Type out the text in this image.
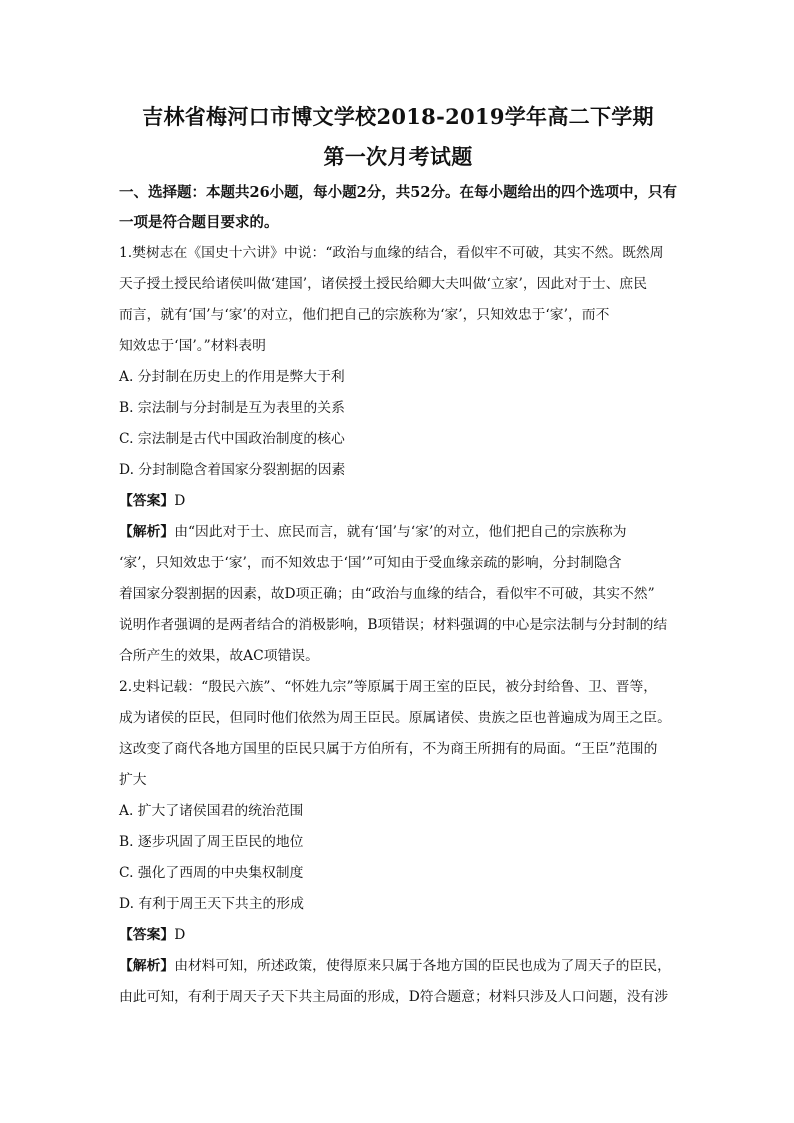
吉林省梅河口市博文学校2018-2019学年高二下学期

第一次月考试题

一、选择题：本题共26小题，每小题2分，共52分。在每小题给出的四个选项中，只有
一项是符合题目要求的。

1.樊树志在《国史十六讲》中说：“政治与血缘的结合，看似牢不可破，其实不然。既然周
天子授土授民给诸侯叫做‘建国’，诸侯授土授民给卿大夫叫做‘立家’，因此对于士、庶民
而言，就有‘国’与‘家’的对立，他们把自己的宗族称为‘家’，只知效忠于‘家’，而不
知效忠于‘国’。”材料表明

A. 分封制在历史上的作用是弊大于利

B. 宗法制与分封制是互为表里的关系

C. 宗法制是古代中国政治制度的核心

D. 分封制隐含着国家分裂割据的因素

【答案】D

【解析】由“因此对于士、庶民而言，就有‘国’与‘家’的对立，他们把自己的宗族称为
‘家’，只知效忠于‘家’，而不知效忠于‘国’”可知由于受血缘亲疏的影响，分封制隐含
着国家分裂割据的因素，故D项正确；由“政治与血缘的结合，看似牢不可破，其实不然”
说明作者强调的是两者结合的消极影响，B项错误；材料强调的中心是宗法制与分封制的结
合所产生的效果，故AC项错误。

2.史料记载：“殷民六族”、“怀姓九宗”等原属于周王室的臣民，被分封给鲁、卫、晋等，
成为诸侯的臣民，但同时他们依然为周王臣民。原属诸侯、贵族之臣也普遍成为周王之臣。
这改变了商代各地方国里的臣民只属于方伯所有，不为商王所拥有的局面。“王臣”范围的
扩大

A. 扩大了诸侯国君的统治范围

B. 逐步巩固了周王臣民的地位

C. 强化了西周的中央集权制度

D. 有利于周王天下共主的形成

【答案】D

【解析】由材料可知，所述政策，使得原来只属于各地方国的臣民也成为了周天子的臣民，
由此可知，有利于周天子天下共主局面的形成，D符合题意；材料只涉及人口问题，没有涉
